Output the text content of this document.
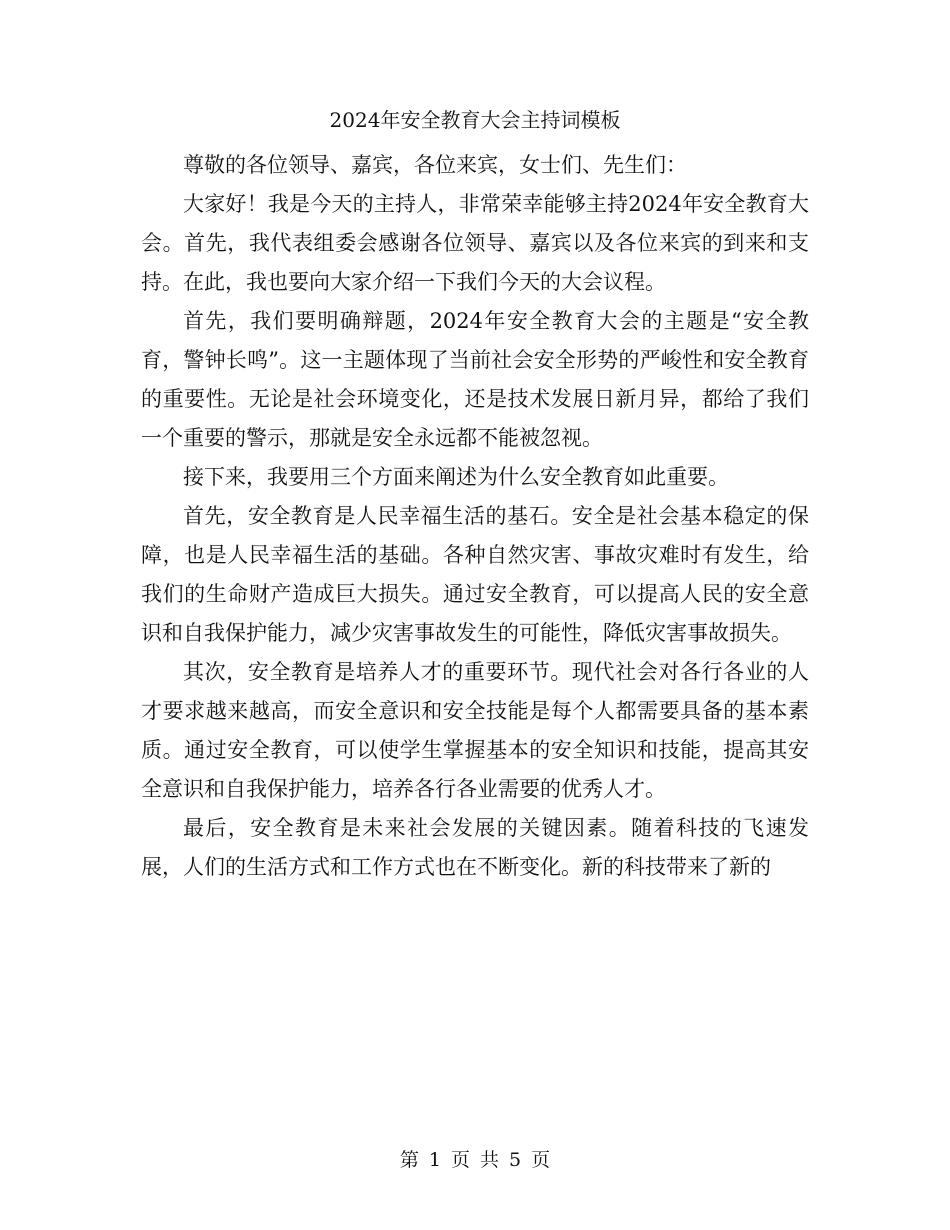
2024年安全教育大会主持词模板

尊敬的各位领导、嘉宾，各位来宾，女士们、先生们：

大家好！我是今天的主持人，非常荣幸能够主持2024年安全教育大会。首先，我代表组委会感谢各位领导、嘉宾以及各位来宾的到来和支持。在此，我也要向大家介绍一下我们今天的大会议程。

首先，我们要明确辩题，2024年安全教育大会的主题是“安全教育，警钟长鸣”。这一主题体现了当前社会安全形势的严峻性和安全教育的重要性。无论是社会环境变化，还是技术发展日新月异，都给了我们一个重要的警示，那就是安全永远都不能被忽视。

接下来，我要用三个方面来阐述为什么安全教育如此重要。

首先，安全教育是人民幸福生活的基石。安全是社会基本稳定的保障，也是人民幸福生活的基础。各种自然灾害、事故灾难时有发生，给我们的生命财产造成巨大损失。通过安全教育，可以提高人民的安全意识和自我保护能力，减少灾害事故发生的可能性，降低灾害事故损失。

其次，安全教育是培养人才的重要环节。现代社会对各行各业的人才要求越来越高，而安全意识和安全技能是每个人都需要具备的基本素质。通过安全教育，可以使学生掌握基本的安全知识和技能，提高其安全意识和自我保护能力，培养各行各业需要的优秀人才。

最后，安全教育是未来社会发展的关键因素。随着科技的飞速发展，人们的生活方式和工作方式也在不断变化。新的科技带来了新的

第 1 页 共 5 页
